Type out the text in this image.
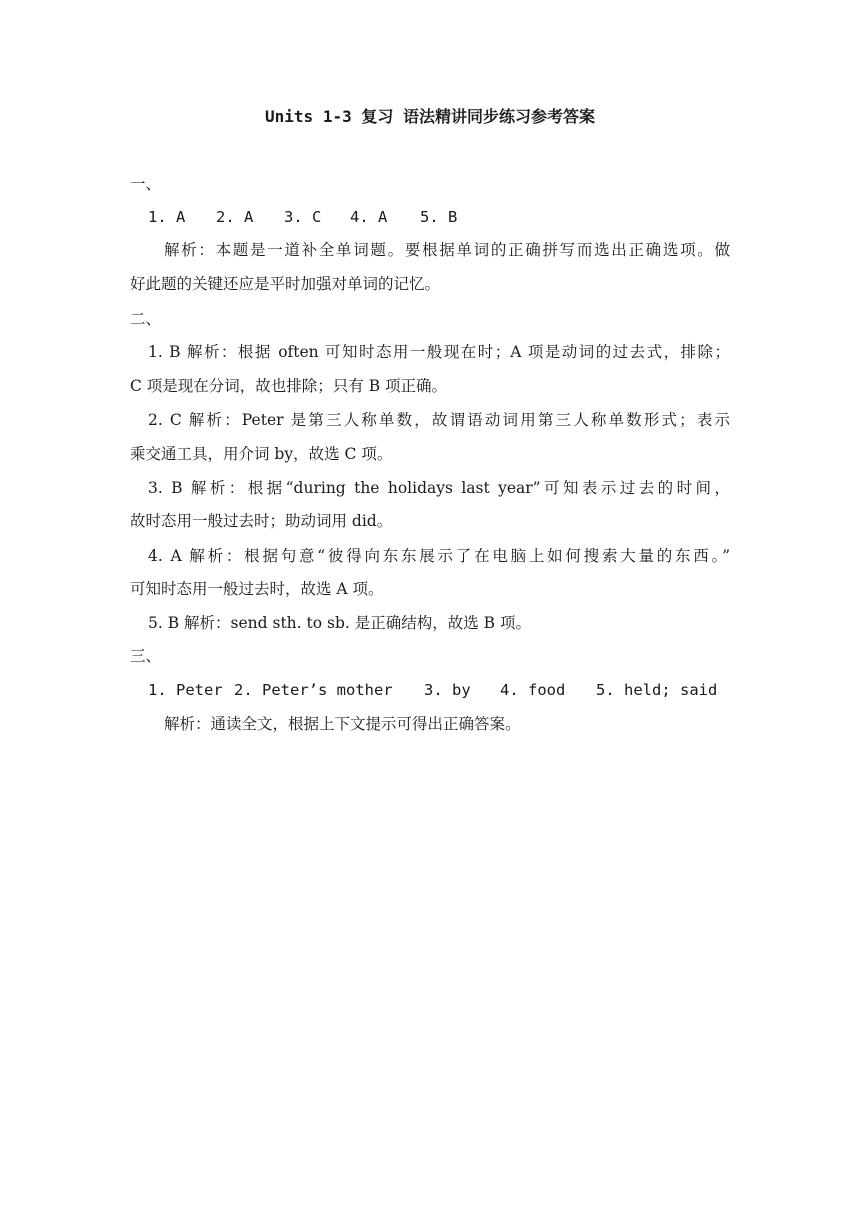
Units 1-3 复习 语法精讲同步练习参考答案
一、
1. A 2. A 3. C 4. A 5. B
解析：本题是一道补全单词题。要根据单词的正确拼写而选出正确选项。做
好此题的关键还应是平时加强对单词的记忆。
二、
1. B 解析：根据 often 可知时态用一般现在时；A 项是动词的过去式，排除；
C 项是现在分词，故也排除；只有 B 项正确。
2. C 解析：Peter 是第三人称单数，故谓语动词用第三人称单数形式；表示
乘交通工具，用介词 by，故选 C 项。
3. B 解析：根据“during the holidays last year”可知表示过去的时间，
故时态用一般过去时；助动词用 did。
4. A 解析：根据句意“彼得向东东展示了在电脑上如何搜索大量的东西。”
可知时态用一般过去时，故选 A 项。
5. B 解析：send sth. to sb. 是正确结构，故选 B 项。
三、
1. Peter 2. Peter’s mother 3. by 4. food 5. held; said
解析：通读全文，根据上下文提示可得出正确答案。
